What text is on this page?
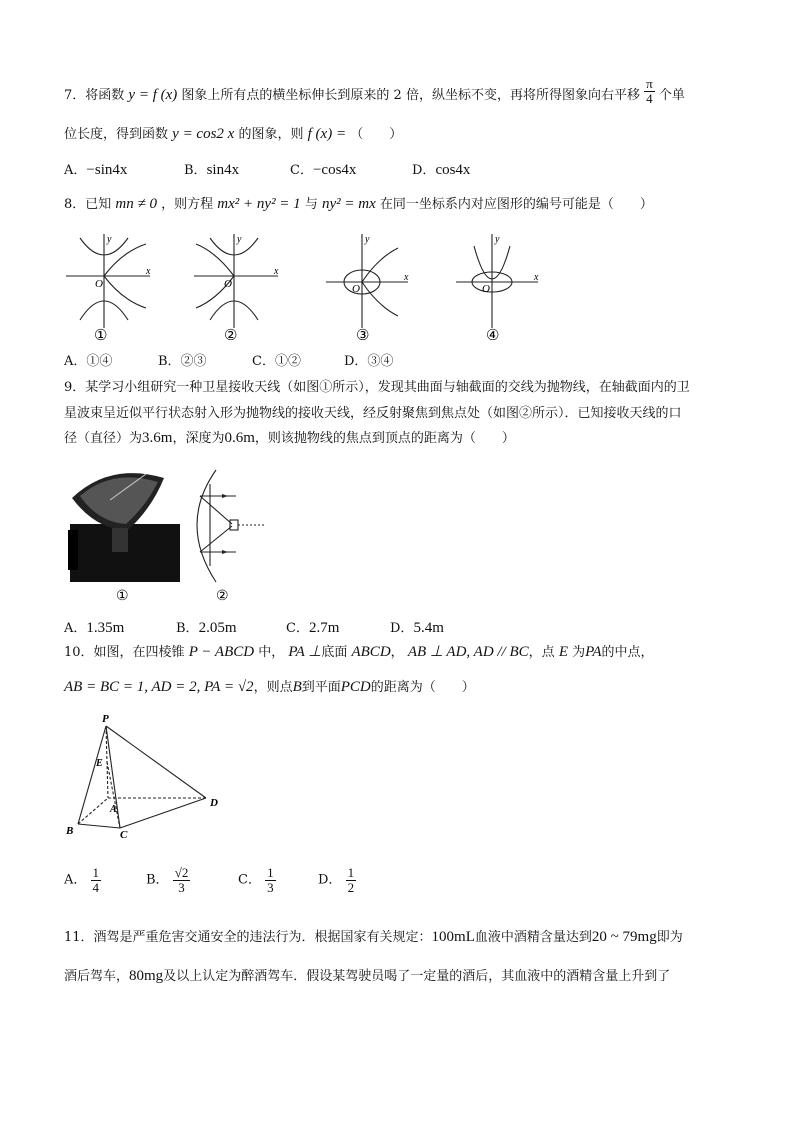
7．将函数 y = f (x) 图象上所有点的横坐标伸长到原来的 2 倍，纵坐标不变，再将所得图象向右平移 $\frac{\pi}{4}$ 个单
位长度，得到函数 y = cos2 x 的图象，则 f (x) = （　　）
A．−sin4x	B．sin4x	C．−cos4x	D．cos4x
8．已知 mn ≠ 0 ，则方程 mx² + ny² = 1 与 ny² = mx 在同一坐标系内对应图形的编号可能是（　　）
x
y
O
①
x
y
O
②
x
y
O
③
x
y
O
④
A．①④	B．②③	C．①②	D．③④
9．某学习小组研究一种卫星接收天线（如图①所示），发现其曲面与轴截面的交线为抛物线，在轴截面内的卫
星波束呈近似平行状态射入形为抛物线的接收天线，经反射聚焦到焦点处（如图②所示）．已知接收天线的口
径（直径）为3.6m，深度为0.6m，则该抛物线的焦点到顶点的距离为（　　）
①	②
A．1.35m	B．2.05m	C．2.7m	D．5.4m
10．如图，在四棱锥 P − ABCD 中， PA ⊥底面 ABCD， AB ⊥ AD, AD // BC，点 E 为PA的中点，
AB = BC = 1, AD = 2, PA = √2，则点B到平面PCD的距离为（　　）
P
E
A
D
B	C
A． $\frac{1}{4}$	B． $\frac{√2}{3}$	C． $\frac{1}{3}$	D． $\frac{1}{2}$
11．酒驾是严重危害交通安全的违法行为．根据国家有关规定：100mL血液中酒精含量达到20 ~ 79mg即为
酒后驾车，80mg及以上认定为醉酒驾车．假设某驾驶员喝了一定量的酒后，其血液中的酒精含量上升到了
